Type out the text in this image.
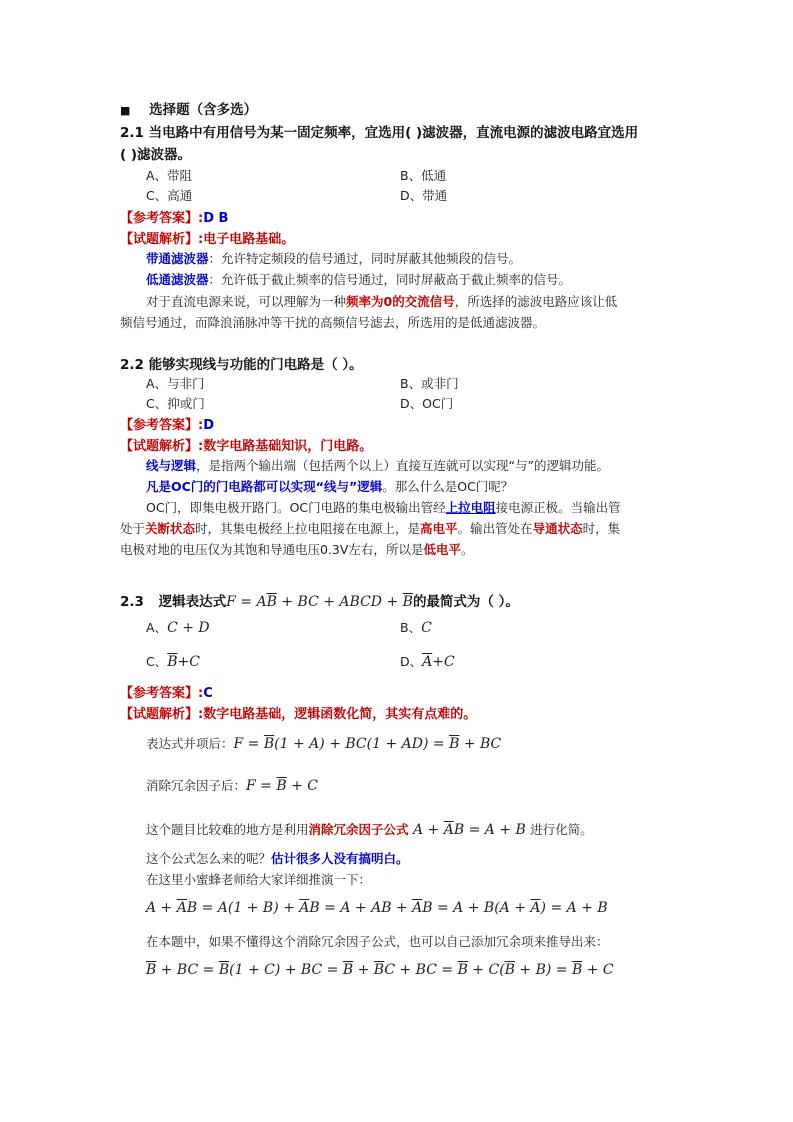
■ 选择题（含多选）
2.1 当电路中有用信号为某一固定频率，宜选用( )滤波器，直流电源的滤波电路宜选用
( )滤波器。
A、带阻	B、低通
C、高通	D、带通
【参考答案】:D B
【试题解析】:电子电路基础。
带通滤波器：允许特定频段的信号通过，同时屏蔽其他频段的信号。
低通滤波器：允许低于截止频率的信号通过，同时屏蔽高于截止频率的信号。
对于直流电源来说，可以理解为一种频率为0的交流信号，所选择的滤波电路应该让低
频信号通过，而降浪涌脉冲等干扰的高频信号滤去，所选用的是低通滤波器。
2.2 能够实现线与功能的门电路是（ ）。
A、与非门	B、或非门
C、抑或门	D、OC门
【参考答案】:D
【试题解析】:数字电路基础知识，门电路。
线与逻辑，是指两个输出端（包括两个以上）直接互连就可以实现“与”的逻辑功能。
凡是OC门的门电路都可以实现“线与”逻辑。那么什么是OC门呢？
OC门，即集电极开路门。OC门电路的集电极输出管经上拉电阻接电源正极。当输出管
处于关断状态时，其集电极经上拉电阻接在电源上，是高电平。输出管处在导通状态时，集
电极对地的电压仅为其饱和导通电压0.3V左右，所以是低电平。
2.3 逻辑表达式$F = A\overline{B}$ + BC + ABCD + $\overline{B}$的最简式为（ ）。
A、C + D	B、C
C、$\overline{B}+C$	D、$\overline{A}+C$
【参考答案】:C
【试题解析】:数字电路基础，逻辑函数化简，其实有点难的。
表达式并项后：$F = \overline{B}(1 + A) + BC(1 + AD) = \overline{B}$ + BC
消除冗余因子后：$F = \overline{B} + C$
这个题目比较难的地方是利用消除冗余因子公式 $A + \overline{A}B = A + B$ 进行化简。
这个公式怎么来的呢？估计很多人没有搞明白。
在这里小蜜蜂老师给大家详细推演一下：
$A + \overline{A}B = A(1 + B) + \overline{A}B = A$ + AB + $\overline{A}B = A + B(A + \overline{A}) = A + B$
在本题中，如果不懂得这个消除冗余因子公式，也可以自己添加冗余项来推导出来：
$\overline{B}$ + BC = $\overline{B}(1 + C)$ + BC = $\overline{B} + \overline{B}C$ + BC = $\overline{B} + C(\overline{B} + B) = \overline{B} + C$
